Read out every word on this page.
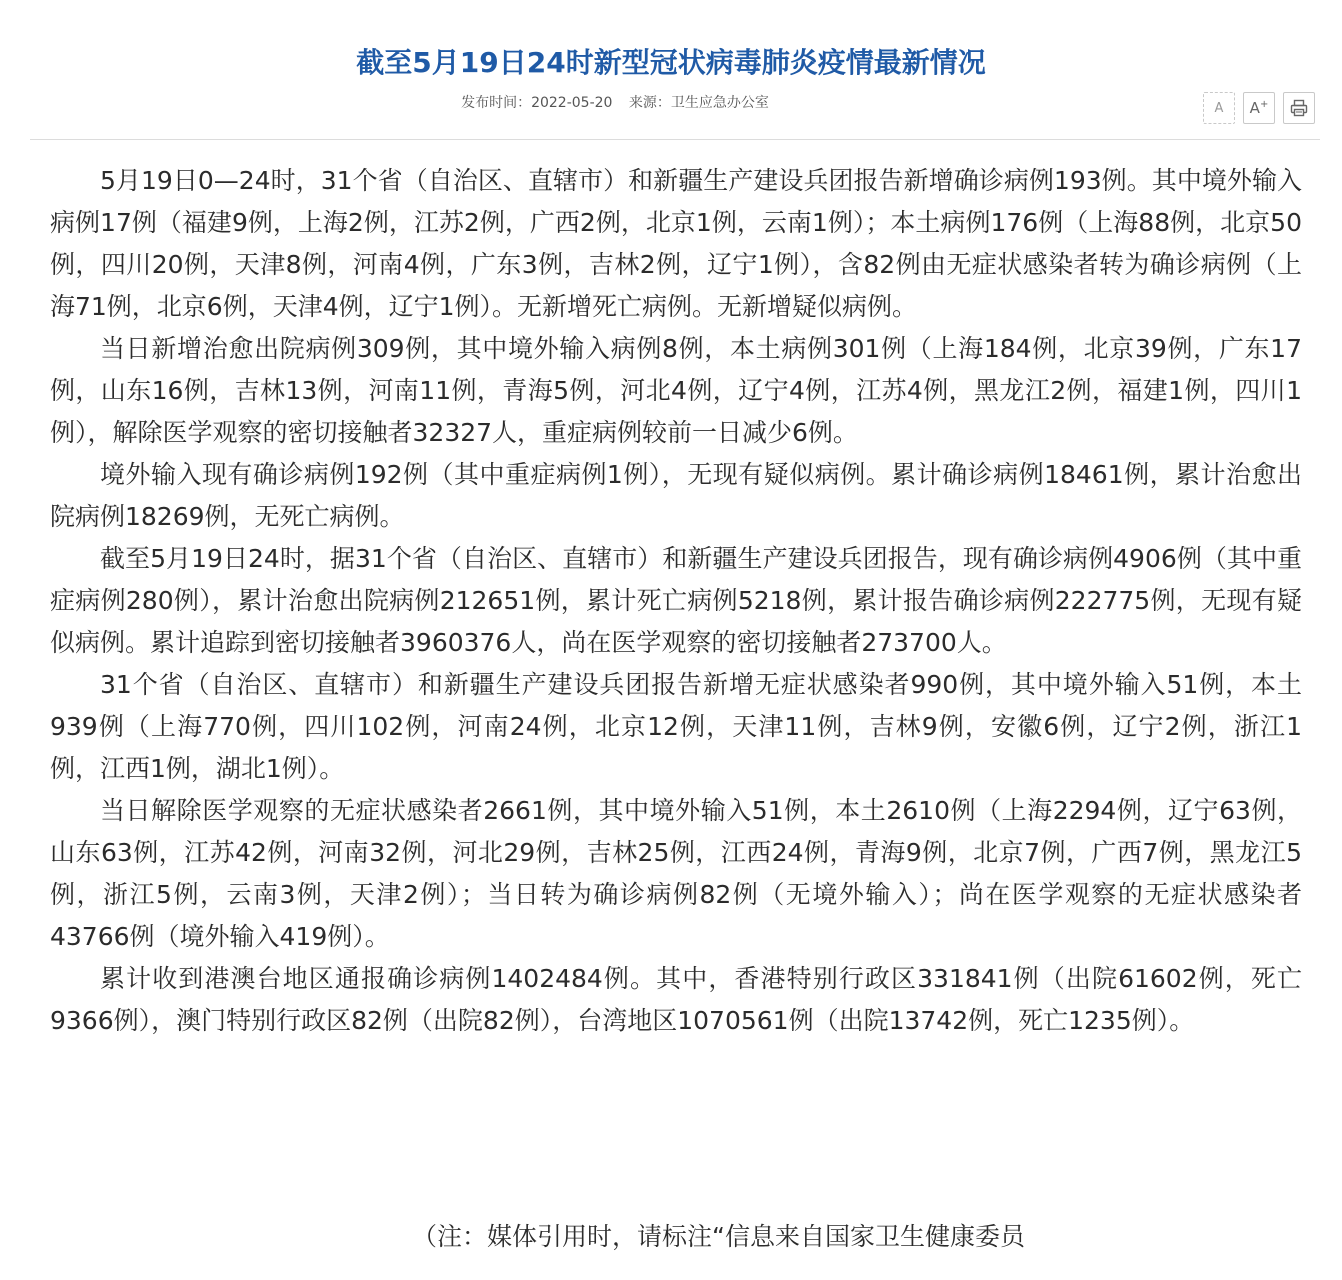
截至5月19日24时新型冠状病毒肺炎疫情最新情况
发布时间：2022-05-20 来源：卫生应急办公室	A A+

5月19日0—24时，31个省（自治区、直辖市）和新疆生产建设兵团报告新增确诊病例193例。其中境外输入病例17例（福建9例，上海2例，江苏2例，广西2例，北京1例，云南1例）；本土病例176例（上海88例，北京50例，四川20例，天津8例，河南4例，广东3例，吉林2例，辽宁1例），含82例由无症状感染者转为确诊病例（上海71例，北京6例，天津4例，辽宁1例）。无新增死亡病例。无新增疑似病例。

当日新增治愈出院病例309例，其中境外输入病例8例，本土病例301例（上海184例，北京39例，广东17例，山东16例，吉林13例，河南11例，青海5例，河北4例，辽宁4例，江苏4例，黑龙江2例，福建1例，四川1例），解除医学观察的密切接触者32327人，重症病例较前一日减少6例。

境外输入现有确诊病例192例（其中重症病例1例），无现有疑似病例。累计确诊病例18461例，累计治愈出院病例18269例，无死亡病例。

截至5月19日24时，据31个省（自治区、直辖市）和新疆生产建设兵团报告，现有确诊病例4906例（其中重症病例280例），累计治愈出院病例212651例，累计死亡病例5218例，累计报告确诊病例222775例，无现有疑似病例。累计追踪到密切接触者3960376人，尚在医学观察的密切接触者273700人。

31个省（自治区、直辖市）和新疆生产建设兵团报告新增无症状感染者990例，其中境外输入51例，本土939例（上海770例，四川102例，河南24例，北京12例，天津11例，吉林9例，安徽6例，辽宁2例，浙江1例，江西1例，湖北1例）。

当日解除医学观察的无症状感染者2661例，其中境外输入51例，本土2610例（上海2294例，辽宁63例，山东63例，江苏42例，河南32例，河北29例，吉林25例，江西24例，青海9例，北京7例，广西7例，黑龙江5例，浙江5例，云南3例，天津2例）；当日转为确诊病例82例（无境外输入）；尚在医学观察的无症状感染者43766例（境外输入419例）。

累计收到港澳台地区通报确诊病例1402484例。其中，香港特别行政区331841例（出院61602例，死亡9366例），澳门特别行政区82例（出院82例），台湾地区1070561例（出院13742例，死亡1235例）。

（注：媒体引用时，请标注“信息来自国家卫生健康委员
